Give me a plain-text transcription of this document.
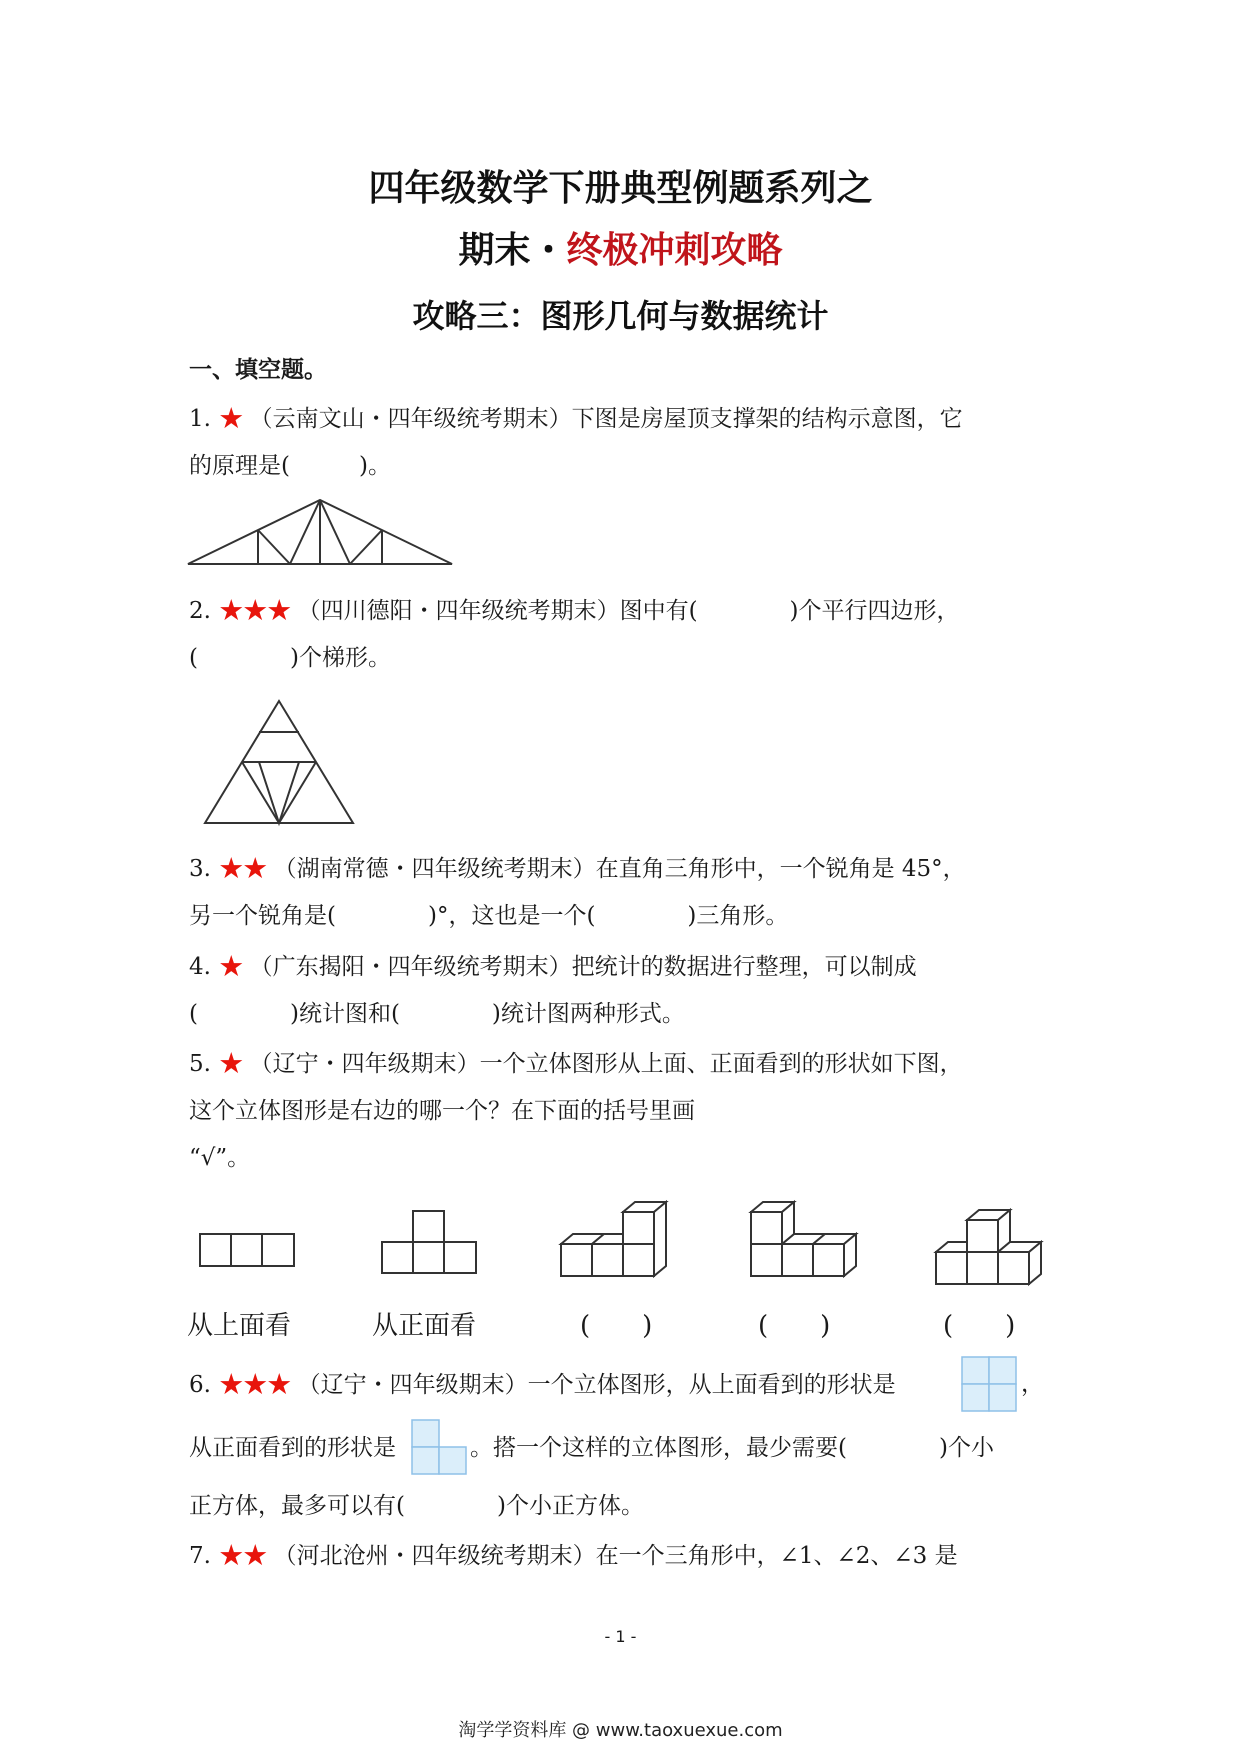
四年级数学下册典型例题系列之
期末・终极冲刺攻略
攻略三：图形几何与数据统计
一、填空题。
1. ★ （云南文山・四年级统考期末）下图是房屋顶支撑架的结构示意图，它
的原理是(　　　)。
2. ★★★ （四川德阳・四年级统考期末）图中有(　　　　)个平行四边形，
(　　　　)个梯形。
3. ★★ （湖南常德・四年级统考期末）在直角三角形中，一个锐角是 45°，
另一个锐角是(　　　　)°，这也是一个(　　　　)三角形。
4. ★ （广东揭阳・四年级统考期末）把统计的数据进行整理，可以制成
(　　　　)统计图和(　　　　)统计图两种形式。
5. ★ （辽宁・四年级期末）一个立体图形从上面、正面看到的形状如下图，
这个立体图形是右边的哪一个？在下面的括号里画
“√”。
从上面看	从正面看	(　　)	(　　)	(　　)
6. ★★★ （辽宁・四年级期末）一个立体图形，从上面看到的形状是	，
从正面看到的形状是	。搭一个这样的立体图形，最少需要(　　　　)个小
正方体，最多可以有(　　　　)个小正方体。
7. ★★ （河北沧州・四年级统考期末）在一个三角形中，∠1、∠2、∠3 是
- 1 -
淘学学资料库 @ www.taoxuexue.com
